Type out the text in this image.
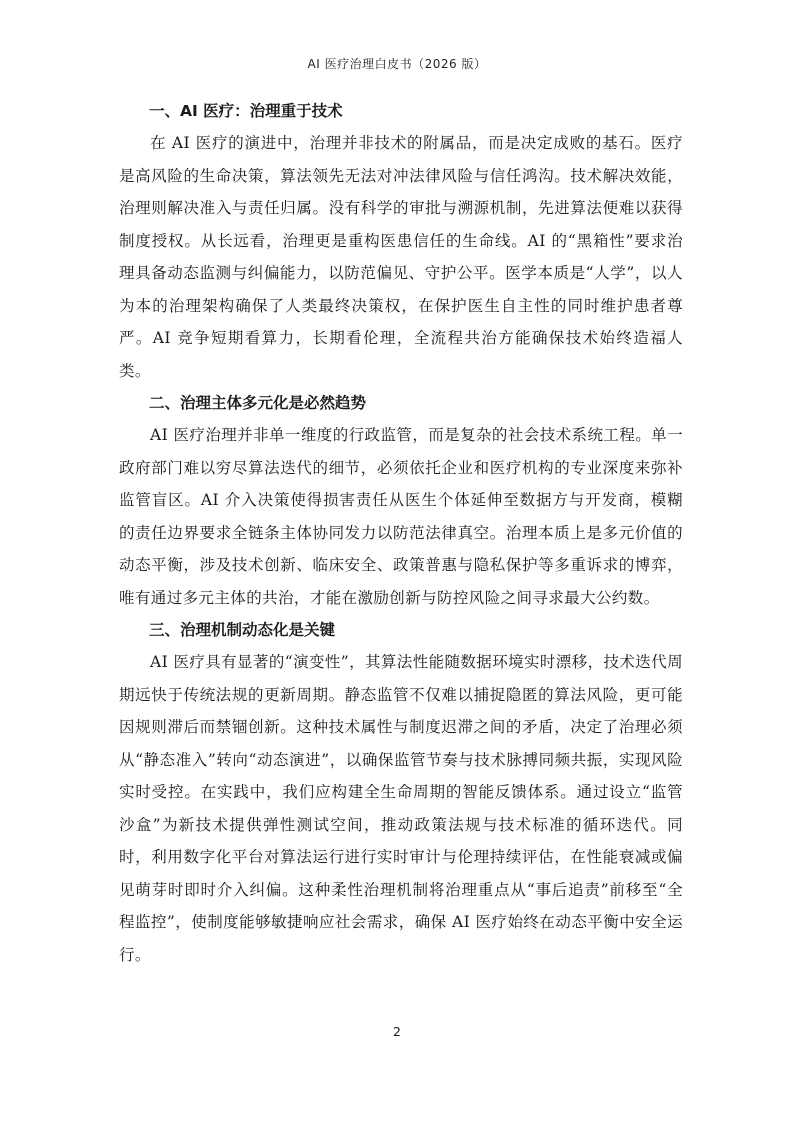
AI 医疗治理白皮书（2026 版）
一、AI 医疗：治理重于技术

在 AI 医疗的演进中，治理并非技术的附属品，而是决定成败的基石。医疗是高风险的生命决策，算法领先无法对冲法律风险与信任鸿沟。技术解决效能，治理则解决准入与责任归属。没有科学的审批与溯源机制，先进算法便难以获得制度授权。从长远看，治理更是重构医患信任的生命线。AI 的“黑箱性”要求治理具备动态监测与纠偏能力，以防范偏见、守护公平。医学本质是“人学”，以人为本的治理架构确保了人类最终决策权，在保护医生自主性的同时维护患者尊严。AI 竞争短期看算力，长期看伦理，全流程共治方能确保技术始终造福人类。

二、治理主体多元化是必然趋势

AI 医疗治理并非单一维度的行政监管，而是复杂的社会技术系统工程。单一政府部门难以穷尽算法迭代的细节，必须依托企业和医疗机构的专业深度来弥补监管盲区。AI 介入决策使得损害责任从医生个体延伸至数据方与开发商，模糊的责任边界要求全链条主体协同发力以防范法律真空。治理本质上是多元价值的动态平衡，涉及技术创新、临床安全、政策普惠与隐私保护等多重诉求的博弈，唯有通过多元主体的共治，才能在激励创新与防控风险之间寻求最大公约数。

三、治理机制动态化是关键

AI 医疗具有显著的“演变性”，其算法性能随数据环境实时漂移，技术迭代周期远快于传统法规的更新周期。静态监管不仅难以捕捉隐匿的算法风险，更可能因规则滞后而禁锢创新。这种技术属性与制度迟滞之间的矛盾，决定了治理必须从“静态准入”转向“动态演进”，以确保监管节奏与技术脉搏同频共振，实现风险实时受控。在实践中，我们应构建全生命周期的智能反馈体系。通过设立“监管沙盒”为新技术提供弹性测试空间，推动政策法规与技术标准的循环迭代。同时，利用数字化平台对算法运行进行实时审计与伦理持续评估，在性能衰减或偏见萌芽时即时介入纠偏。这种柔性治理机制将治理重点从“事后追责”前移至“全程监控”，使制度能够敏捷响应社会需求，确保 AI 医疗始终在动态平衡中安全运行。

2
